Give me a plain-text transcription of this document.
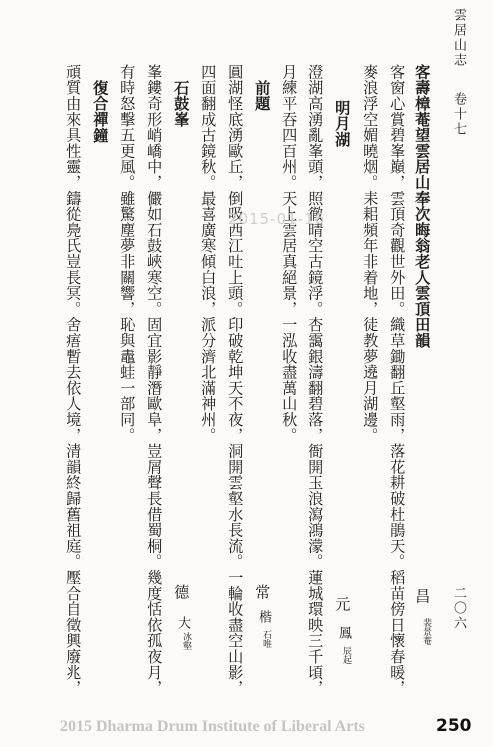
雲居山志
卷十七
二〇六
客壽樟菴望雲居山奉次晦翁老人雲頂田韻
昌
裴景菴
客窗心賞碧峯巔，雲頂奇觀世外田。織草鋤翻丘壑雨，落花耕破杜鵑天。稻苗傍日懷春暖，
麥浪浮空媚曉烟。耒耜頻年非着地，徒教夢遶月湖邊。
明月湖
元
鳳
辰起
澄湖高湧亂峯頭，照徹晴空古鏡浮。杏靄銀濤翻碧落，衙開玉浪瀉鴻濛。蓮城環映三千頃，
月練平吞四百州。天上雲居真絕景，一泓收盡萬山秋。
前題
常
楷
石唯
圓湖怪底湧歐丘，倒吸西江吐上頭。印破乾坤天不夜，洞開雲壑水長流。一輪收盡空山影，
四面翻成古鏡秋。最喜廣寒傾白浪，派分濟北滿神州。
石鼓峯
德
大
冰壑
峯鏤奇形峭嶠中，儼如石鼓峽寒空。固宜影靜潛歐阜，豈屑聲長借蜀桐。幾度恬依孤夜月，
有時怒擊五更風。雖驚塵夢非關響，恥與鼃蛙一部同。
復合禪鐘
頑質由來具性靈，鑄從鳧氏豈長冥。舍痦暫去依人境，清韻終歸舊祖庭。壓合自徵興廢兆，	2015-01-16
2015 Dharma Drum Institute of Liberal Arts	250
